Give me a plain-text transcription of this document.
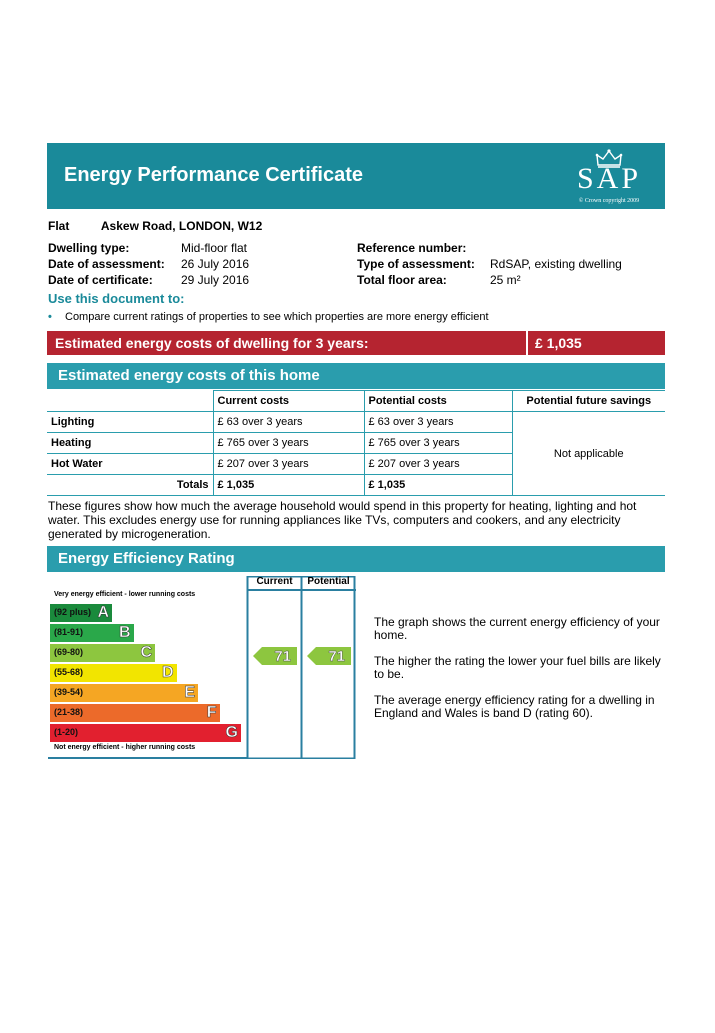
Energy Performance Certificate	SAP
© Crown copyright 2009
Flat	Askew Road, LONDON, W12
Dwelling type:	Mid-floor flat
Date of assessment: 26 July 2016
Date of certificate: 29 July 2016
Reference number:
Type of assessment: RdSAP, existing dwelling
Total floor area:	25 m²
Use this document to:
• Compare current ratings of properties to see which properties are more energy efficient
Estimated energy costs of dwelling for 3 years:	£ 1,035
Estimated energy costs of this home
	Current costs	Potential costs	Potential future savings
Lighting	£ 63 over 3 years	£ 63 over 3 years	Not applicable
Heating	£ 765 over 3 years	£ 765 over 3 years	
Hot Water	£ 207 over 3 years	£ 207 over 3 years	
Totals	£ 1,035	£ 1,035	
These figures show how much the average household would spend in this property for heating, lighting and hot water. This excludes energy use for running appliances like TVs, computers and cookers, and any electricity generated by microgeneration.
Energy Efficiency Rating
Current	Potential
Very energy efficient - lower running costs
Not energy efficient - higher running costs
(92 plus) A
(81-91) B
(69-80)	C
(55-68)	D
(39-54)	E
(21-38)	F
(1-20)	G
71 71

The graph shows the current energy efficiency of your home.

The higher the rating the lower your fuel bills are likely to be.

The average energy efficiency rating for a dwelling in England and Wales is band D (rating 60).
